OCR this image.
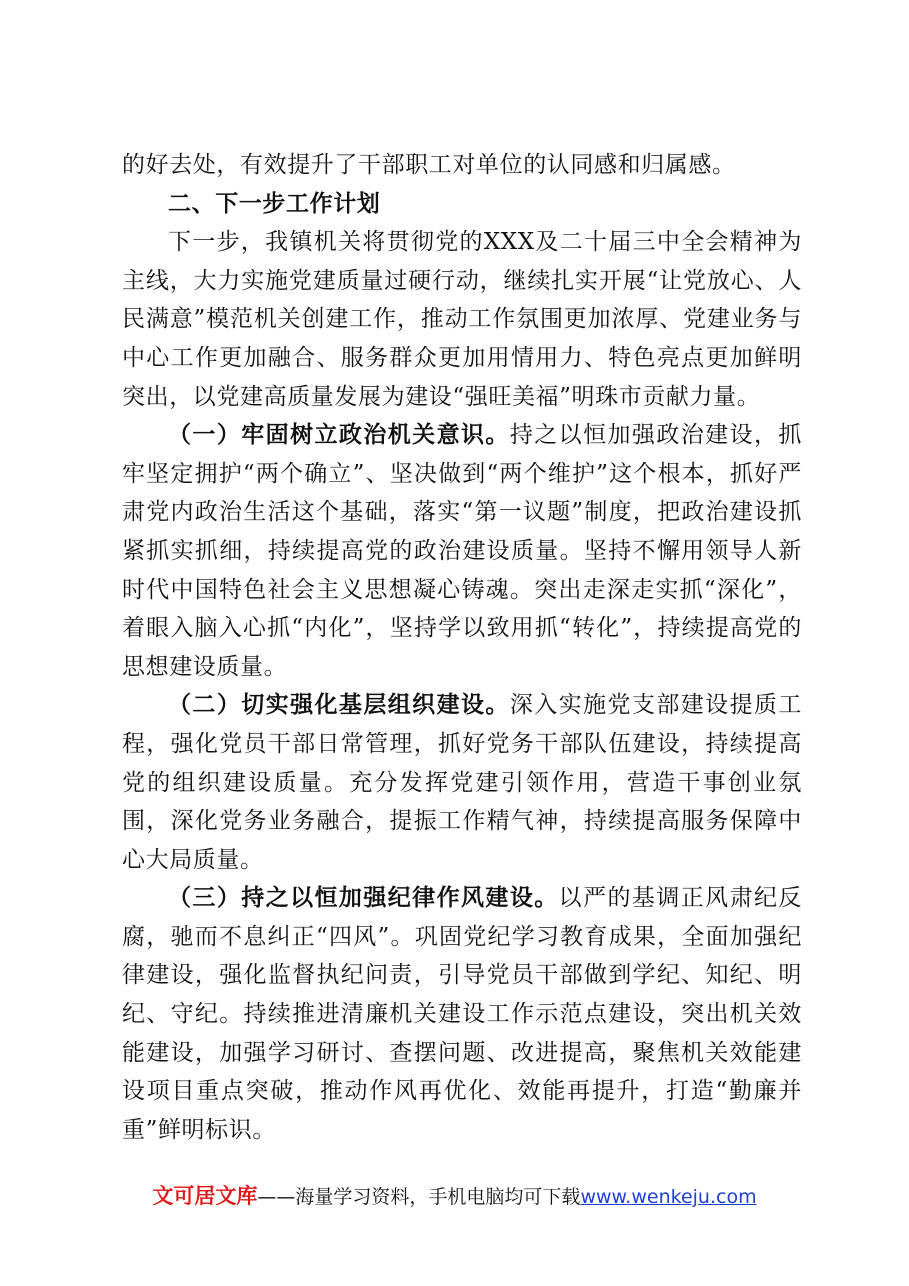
的好去处，有效提升了干部职工对单位的认同感和归属感。

二、下一步工作计划

下一步，我镇机关将贯彻党的XXX及二十届三中全会精神为主线，大力实施党建质量过硬行动，继续扎实开展“让党放心、人民满意”模范机关创建工作，推动工作氛围更加浓厚、党建业务与中心工作更加融合、服务群众更加用情用力、特色亮点更加鲜明突出，以党建高质量发展为建设“强旺美福”明珠市贡献力量。

（一）牢固树立政治机关意识。持之以恒加强政治建设，抓牢坚定拥护“两个确立”、坚决做到“两个维护”这个根本，抓好严肃党内政治生活这个基础，落实“第一议题”制度，把政治建设抓紧抓实抓细，持续提高党的政治建设质量。坚持不懈用领导人新时代中国特色社会主义思想凝心铸魂。突出走深走实抓“深化”，着眼入脑入心抓“内化”，坚持学以致用抓“转化”，持续提高党的思想建设质量。

（二）切实强化基层组织建设。深入实施党支部建设提质工程，强化党员干部日常管理，抓好党务干部队伍建设，持续提高党的组织建设质量。充分发挥党建引领作用，营造干事创业氛围，深化党务业务融合，提振工作精气神，持续提高服务保障中心大局质量。

（三）持之以恒加强纪律作风建设。以严的基调正风肃纪反腐，驰而不息纠正“四风”。巩固党纪学习教育成果，全面加强纪律建设，强化监督执纪问责，引导党员干部做到学纪、知纪、明纪、守纪。持续推进清廉机关建设工作示范点建设，突出机关效能建设，加强学习研讨、查摆问题、改进提高，聚焦机关效能建设项目重点突破，推动作风再优化、效能再提升，打造“勤廉并重”鲜明标识。

文可居文库——海量学习资料，手机电脑均可下载www.wenkeju.com
